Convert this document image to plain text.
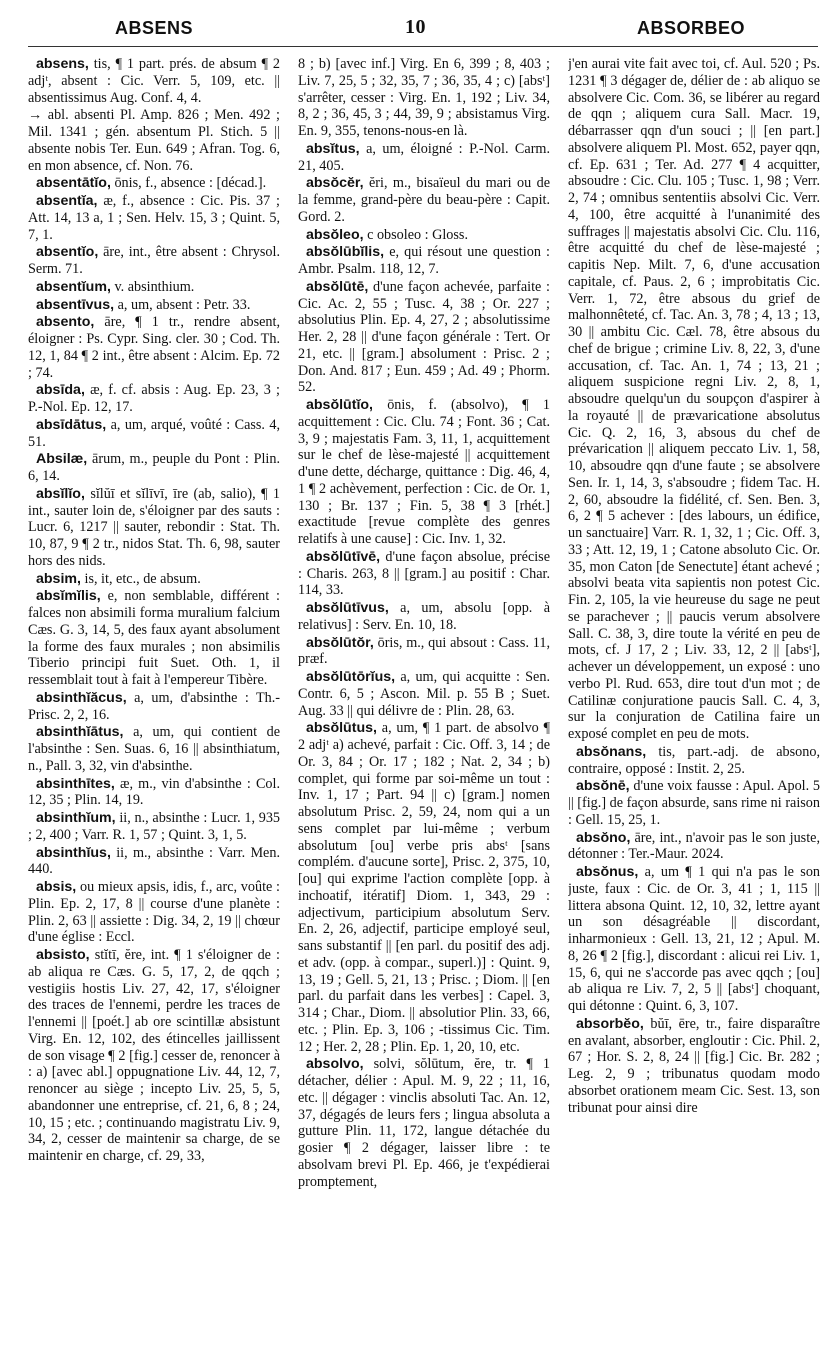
ABSENS	10	ABSORBEO

absens, tis, ¶ 1 part. prés. de absum ¶ 2 adjᵗ, absent : Cic. Verr. 5, 109, etc. || absentissimus Aug. Conf. 4, 4.

→ abl. absenti Pl. Amp. 826 ; Men. 492 ; Mil. 1341 ; gén. absentum Pl. Stich. 5 || absente nobis Ter. Eun. 649 ; Afran. Tog. 6, en mon absence, cf. Non. 76.

absentātĭo, ōnis, f., absence : [décad.].

absentĭa, æ, f., absence : Cic. Pis. 37 ; Att. 14, 13 a, 1 ; Sen. Helv. 15, 3 ; Quint. 5, 7, 1.

absentĭo, āre, int., être absent : Chrysol. Serm. 71.

absentĭum, v. absinthium.

absentīvus, a, um, absent : Petr. 33.

absento, āre, ¶ 1 tr., rendre absent, éloigner : Ps. Cypr. Sing. cler. 30 ; Cod. Th. 12, 1, 84 ¶ 2 int., être absent : Alcim. Ep. 72 ; 74.

absīda, æ, f. cf. absis : Aug. Ep. 23, 3 ; P.-Nol. Ep. 12, 17.

absīdātus, a, um, arqué, voûté : Cass. 4, 51.

Absilæ, ārum, m., peuple du Pont : Plin. 6, 14.

absĭlĭo, sĭlŭī et sĭlīvī, īre (ab, salio), ¶ 1 int., sauter loin de, s'éloigner par des sauts : Lucr. 6, 1217 || sauter, rebondir : Stat. Th. 10, 87, 9 ¶ 2 tr., nidos Stat. Th. 6, 98, sauter hors des nids.

absim, is, it, etc., de absum.

absĭmĭlis, e, non semblable, différent : falces non absimili forma muralium falcium Cæs. G. 3, 14, 5, des faux ayant absolument la forme des faux murales ; non absimilis Tiberio principi fuit Suet. Oth. 1, il ressemblait tout à fait à l'empereur Tibère.

absinthĭăcus, a, um, d'absinthe : Th.-Prisc. 2, 2, 16.

absinthĭātus, a, um, qui contient de l'absinthe : Sen. Suas. 6, 16 || absinthiatum, n., Pall. 3, 32, vin d'absinthe.

absinthītes, æ, m., vin d'absinthe : Col. 12, 35 ; Plin. 14, 19.

absinthĭum, ii, n., absinthe : Lucr. 1, 935 ; 2, 400 ; Varr. R. 1, 57 ; Quint. 3, 1, 5.

absinthĭus, ii, m., absinthe : Varr. Men. 440.

absis, ou mieux apsis, idis, f., arc, voûte : Plin. Ep. 2, 17, 8 || course d'une planète : Plin. 2, 63 || assiette : Dig. 34, 2, 19 || chœur d'une église : Eccl.

absisto, stĭtī, ĕre, int. ¶ 1 s'éloigner de : ab aliqua re Cæs. G. 5, 17, 2, de qqch ; vestigiis hostis Liv. 27, 42, 17, s'éloigner des traces de l'ennemi, perdre les traces de l'ennemi || [poét.] ab ore scintillæ absistunt Virg. En. 12, 102, des étincelles jaillissent de son visage ¶ 2 [fig.] cesser de, renoncer à : a) [avec abl.] oppugnatione Liv. 44, 12, 7, renoncer au siège ; incepto Liv. 25, 5, 5, abandonner une entreprise, cf. 21, 6, 8 ; 24, 10, 15 ; etc. ; continuando magistratu Liv. 9, 34, 2, cesser de maintenir sa charge, de se maintenir en charge, cf. 29, 33,

8 ; b) [avec inf.] Virg. En 6, 399 ; 8, 403 ; Liv. 7, 25, 5 ; 32, 35, 7 ; 36, 35, 4 ; c) [absᵗ] s'arrêter, cesser : Virg. En. 1, 192 ; Liv. 34, 8, 2 ; 36, 45, 3 ; 44, 39, 9 ; absistamus Virg. En. 9, 355, tenons-nous-en là.

absĭtus, a, um, éloigné : P.-Nol. Carm. 21, 405.

absŏcĕr, ĕri, m., bisaïeul du mari ou de la femme, grand-père du beau-père : Capit. Gord. 2.

absŏleo, c obsoleo : Gloss.

absŏlūbĭlis, e, qui résout une question : Ambr. Psalm. 118, 12, 7.

absŏlūtē, d'une façon achevée, parfaite : Cic. Ac. 2, 55 ; Tusc. 4, 38 ; Or. 227 ; absolutius Plin. Ep. 4, 27, 2 ; absolutissime Her. 2, 28 || d'une façon générale : Tert. Or 21, etc. || [gram.] absolument : Prisc. 2 ; Don. And. 817 ; Eun. 459 ; Ad. 49 ; Phorm. 52.

absŏlūtĭo, ōnis, f. (absolvo), ¶ 1 acquittement : Cic. Clu. 74 ; Font. 36 ; Cat. 3, 9 ; majestatis Fam. 3, 11, 1, acquittement sur le chef de lèse-majesté || acquittement d'une dette, décharge, quittance : Dig. 46, 4, 1 ¶ 2 achèvement, perfection : Cic. de Or. 1, 130 ; Br. 137 ; Fin. 5, 38 ¶ 3 [rhét.] exactitude [revue complète des genres relatifs à une cause] : Cic. Inv. 1, 32.

absŏlūtīvē, d'une façon absolue, précise : Charis. 263, 8 || [gram.] au positif : Char. 114, 33.

absŏlūtīvus, a, um, absolu [opp. à relativus] : Serv. En. 10, 18.

absŏlūtŏr, ōris, m., qui absout : Cass. 11, præf.

absŏlūtōrĭus, a, um, qui acquitte : Sen. Contr. 6, 5 ; Ascon. Mil. p. 55 B ; Suet. Aug. 33 || qui délivre de : Plin. 28, 63.

absŏlūtus, a, um, ¶ 1 part. de absolvo ¶ 2 adjᵗ a) achevé, parfait : Cic. Off. 3, 14 ; de Or. 3, 84 ; Or. 17 ; 182 ; Nat. 2, 34 ; b) complet, qui forme par soi-même un tout : Inv. 1, 17 ; Part. 94 || c) [gram.] nomen absolutum Prisc. 2, 59, 24, nom qui a un sens complet par lui-même ; verbum absolutum [ou] verbe pris absᵗ [sans complém. d'aucune sorte], Prisc. 2, 375, 10, [ou] qui exprime l'action complète [opp. à inchoatif, itératif] Diom. 1, 343, 29 : adjectivum, participium absolutum Serv. En. 2, 26, adjectif, participe employé seul, sans substantif || [en parl. du positif des adj. et adv. (opp. à compar., superl.)] : Quint. 9, 13, 19 ; Gell. 5, 21, 13 ; Prisc. ; Diom. || [en parl. du parfait dans les verbes] : Capel. 3, 314 ; Char., Diom. || absolutior Plin. 33, 66, etc. ; Plin. Ep. 3, 106 ; -tissimus Cic. Tim. 12 ; Her. 2, 28 ; Plin. Ep. 1, 20, 10, etc.

absolvo, solvi, sŏlūtum, ĕre, tr. ¶ 1 détacher, délier : Apul. M. 9, 22 ; 11, 16, etc. || dégager : vinclis absoluti Tac. An. 12, 37, dégagés de leurs fers ; lingua absoluta a gutture Plin. 11, 172, langue détachée du gosier ¶ 2 dégager, laisser libre : te absolvam brevi Pl. Ep. 466, je t'expédierai promptement,

j'en aurai vite fait avec toi, cf. Aul. 520 ; Ps. 1231 ¶ 3 dégager de, délier de : ab aliquo se absolvere Cic. Com. 36, se libérer au regard de qqn ; aliquem cura Sall. Macr. 19, débarrasser qqn d'un souci ; || [en part.] absolvere aliquem Pl. Most. 652, payer qqn, cf. Ep. 631 ; Ter. Ad. 277 ¶ 4 acquitter, absoudre : Cic. Clu. 105 ; Tusc. 1, 98 ; Verr. 2, 74 ; omnibus sententiis absolvi Cic. Verr. 4, 100, être acquitté à l'unanimité des suffrages || majestatis absolvi Cic. Clu. 116, être acquitté du chef de lèse-majesté ; capitis Nep. Milt. 7, 6, d'une accusation capitale, cf. Paus. 2, 6 ; improbitatis Cic. Verr. 1, 72, être absous du grief de malhonnêteté, cf. Tac. An. 3, 78 ; 4, 13 ; 13, 30 || ambitu Cic. Cæl. 78, être absous du chef de brigue ; crimine Liv. 8, 22, 3, d'une accusation, cf. Tac. An. 1, 74 ; 13, 21 ; aliquem suspicione regni Liv. 2, 8, 1, absoudre quelqu'un du soupçon d'aspirer à la royauté || de prævaricatione absolutus Cic. Q. 2, 16, 3, absous du chef de prévarication || aliquem peccato Liv. 1, 58, 10, absoudre qqn d'une faute ; se absolvere Sen. Ir. 1, 14, 3, s'absoudre ; fidem Tac. H. 2, 60, absoudre la fidélité, cf. Sen. Ben. 3, 6, 2 ¶ 5 achever : [des labours, un édifice, un sanctuaire] Varr. R. 1, 32, 1 ; Cic. Off. 3, 33 ; Att. 12, 19, 1 ; Catone absoluto Cic. Or. 35, mon Caton [de Senectute] étant achevé ; absolvi beata vita sapientis non potest Cic. Fin. 2, 105, la vie heureuse du sage ne peut se parachever ; || paucis verum absolvere Sall. C. 38, 3, dire toute la vérité en peu de mots, cf. J 17, 2 ; Liv. 33, 12, 2 || [absᵗ], achever un développement, un exposé : uno verbo Pl. Rud. 653, dire tout d'un mot ; de Catilinæ conjuratione paucis Sall. C. 4, 3, sur la conjuration de Catilina faire un exposé complet en peu de mots.

absŏnans, tis, part.-adj. de absono, contraire, opposé : Instit. 2, 25.

absŏnē, d'une voix fausse : Apul. Apol. 5 || [fig.] de façon absurde, sans rime ni raison : Gell. 15, 25, 1.

absŏno, āre, int., n'avoir pas le son juste, détonner : Ter.-Maur. 2024.

absŏnus, a, um ¶ 1 qui n'a pas le son juste, faux : Cic. de Or. 3, 41 ; 1, 115 || littera absona Quint. 12, 10, 32, lettre ayant un son désagréable || discordant, inharmonieux : Gell. 13, 21, 12 ; Apul. M. 8, 26 ¶ 2 [fig.], discordant : alicui rei Liv. 1, 15, 6, qui ne s'accorde pas avec qqch ; [ou] ab aliqua re Liv. 7, 2, 5 || [absᵗ] choquant, qui détonne : Quint. 6, 3, 107.

absorbĕo, bŭī, ēre, tr., faire disparaître en avalant, absorber, engloutir : Cic. Phil. 2, 67 ; Hor. S. 2, 8, 24 || [fig.] Cic. Br. 282 ; Leg. 2, 9 ; tribunatus quodam modo absorbet orationem meam Cic. Sest. 13, son tribunat pour ainsi dire
